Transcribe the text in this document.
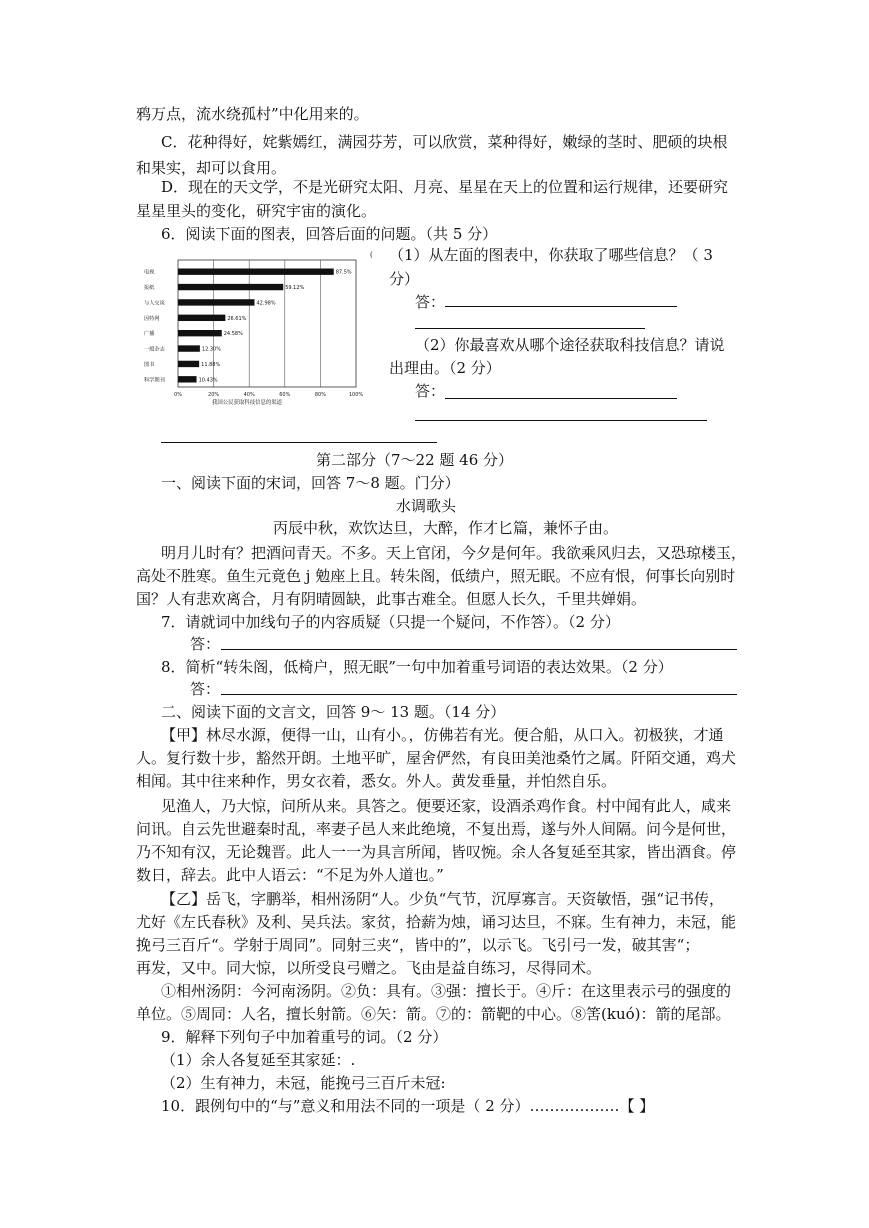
鸦万点，流水绕孤村”中化用来的。
C．花种得好，姹紫嫣红，满园芬芳，可以欣赏，菜种得好，嫩绿的茎时、肥硕的块根
和果实，却可以食用。
D．现在的天文学，不是光研究太阳、月亮、星星在天上的位置和运行规律，还要研究
星星里头的变化，研究宇宙的演化。
6．阅读下面的图表，回答后面的问题。（共 5 分）
0%	20%	40%	60%	80%	100%
电视	87.5%
报纸	59.12%
与人交谈	42.98%
因特网	26.61%
广播	24.58%
一般杂志	12.30%
图书	11.88%
科学期刊	10.43%
我国公民获取科技信息的渠道
( （1）从左面的图表中，你获取了哪些信息？（ 3
分）
答：
（2）你最喜欢从哪个途径获取科技信息？请说
出理由。（2 分）
答：
第二部分（7～22 题 46 分）
一、阅读下面的宋词，回答 7～8 题。门分）
水调歌头
丙辰中秋，欢饮达旦，大醉，作才匕篇，兼怀子由。
明月儿时有？把酒问青天。不多。天上官闭，今夕是何年。我欲乘风归去，又恐琼楼玉，
高处不胜寒。鱼生元竟色 j 勉座上且。转朱阁，低绩户，照无眠。不应有恨，何事长向别时
国？人有悲欢离合，月有阴晴圆缺，此事古难全。但愿人长久，千里共婵娟。
7．请就词中加线句子的内容质疑（只提一个疑问，不作答）。（2 分）
答：
8．简析“转朱阁，低椅户，照无眠”一句中加着重号词语的表达效果。（2 分）
答：
二、阅读下面的文言文，回答 9～ 13 题。（14 分）
【甲】林尽水源，便得一山，山有小。，仿佛若有光。便合船，从口入。初极狭，才通
人。复行数十步，豁然开朗。土地平旷，屋舍俨然，有良田美池桑竹之属。阡陌交通，鸡犬
相闻。其中往来种作，男女衣着，悉女。外人。黄发垂量，并怕然自乐。
见渔人，乃大惊，问所从来。具答之。便要还家，设酒杀鸡作食。村中闻有此人，咸来
问讯。自云先世避秦时乱，率妻子邑人来此绝境，不复出焉，遂与外人间隔。问今是何世，
乃不知有汉，无论魏晋。此人一一为具言所闻，皆叹惋。余人各复延至其家，皆出酒食。停
数日，辞去。此中人语云：“不足为外人道也。”
【乙】岳飞，字鹏举，相州汤阴“人。少负“气节，沉厚寡言。天资敏悟，强“记书传，
尤好《左氏春秋》及利、吴兵法。家贫，拾薪为烛，诵习达旦，不寐。生有神力，未冠，能
挽弓三百斤“。学射于周同”。同射三夹“，皆中的”，以示飞。飞引弓一发，破其害“；
再发，又中。同大惊，以所受良弓赠之。飞由是益自练习，尽得同术。
①相州汤阴：今河南汤阴。②负：具有。③强：擅长于。④斤：在这里表示弓的强度的
单位。⑤周同：人名，擅长射箭。⑥矢：箭。⑦的：箭靶的中心。⑧筈(kuó)：箭的尾部。
9．解释下列句子中加着重号的词。（2 分）
（1）余人各复延至其家延：.
（2）生有神力，未冠，能挽弓三百斤未冠:
10．跟例句中的“与”意义和用法不同的一项是（ 2 分）………………【 】
